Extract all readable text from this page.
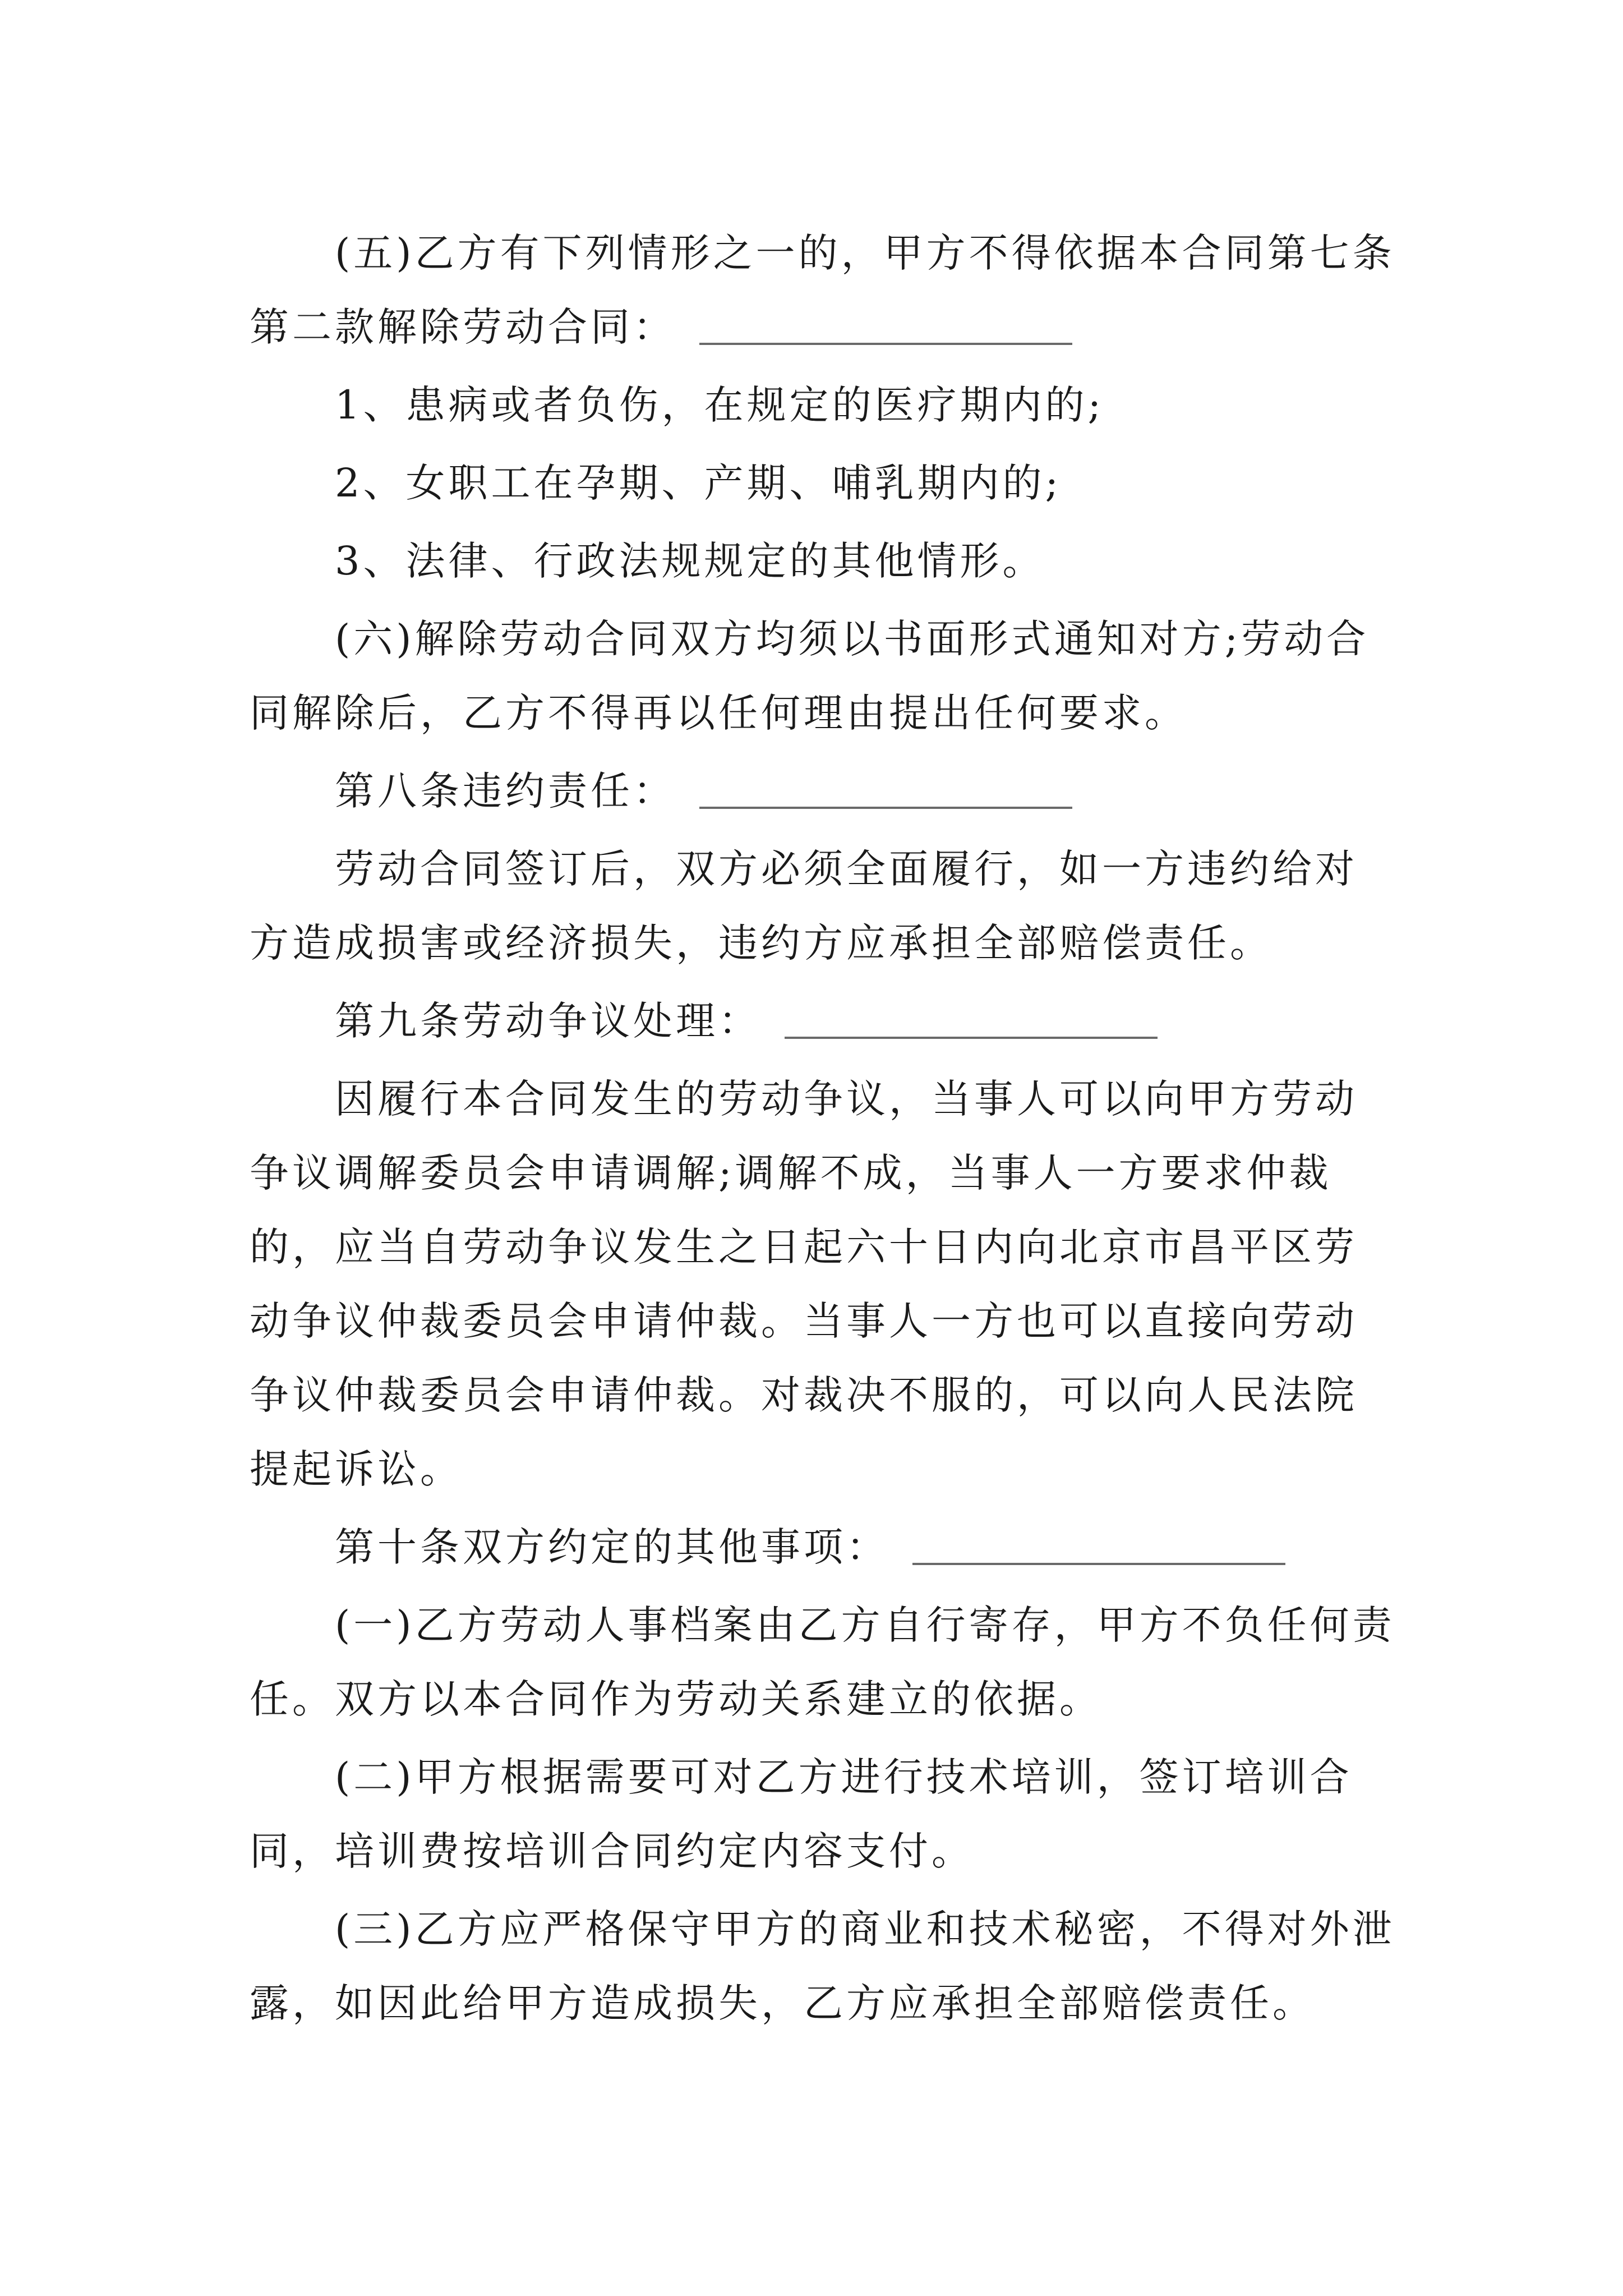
(五)乙方有下列情形之一的，甲方不得依据本合同第七条第二款解除劳动合同：

1、患病或者负伤，在规定的医疗期内的;

2、女职工在孕期、产期、哺乳期内的;

3、法律、行政法规规定的其他情形。

(六)解除劳动合同双方均须以书面形式通知对方;劳动合同解除后，乙方不得再以任何理由提出任何要求。

第八条违约责任：

劳动合同签订后，双方必须全面履行，如一方违约给对方造成损害或经济损失，违约方应承担全部赔偿责任。

第九条劳动争议处理：

因履行本合同发生的劳动争议，当事人可以向甲方劳动争议调解委员会申请调解;调解不成，当事人一方要求仲裁的，应当自劳动争议发生之日起六十日内向北京市昌平区劳动争议仲裁委员会申请仲裁。当事人一方也可以直接向劳动争议仲裁委员会申请仲裁。对裁决不服的，可以向人民法院提起诉讼。

第十条双方约定的其他事项：

(一)乙方劳动人事档案由乙方自行寄存，甲方不负任何责任。双方以本合同作为劳动关系建立的依据。

(二)甲方根据需要可对乙方进行技术培训，签订培训合同，培训费按培训合同约定内容支付。

(三)乙方应严格保守甲方的商业和技术秘密，不得对外泄露，如因此给甲方造成损失，乙方应承担全部赔偿责任。
